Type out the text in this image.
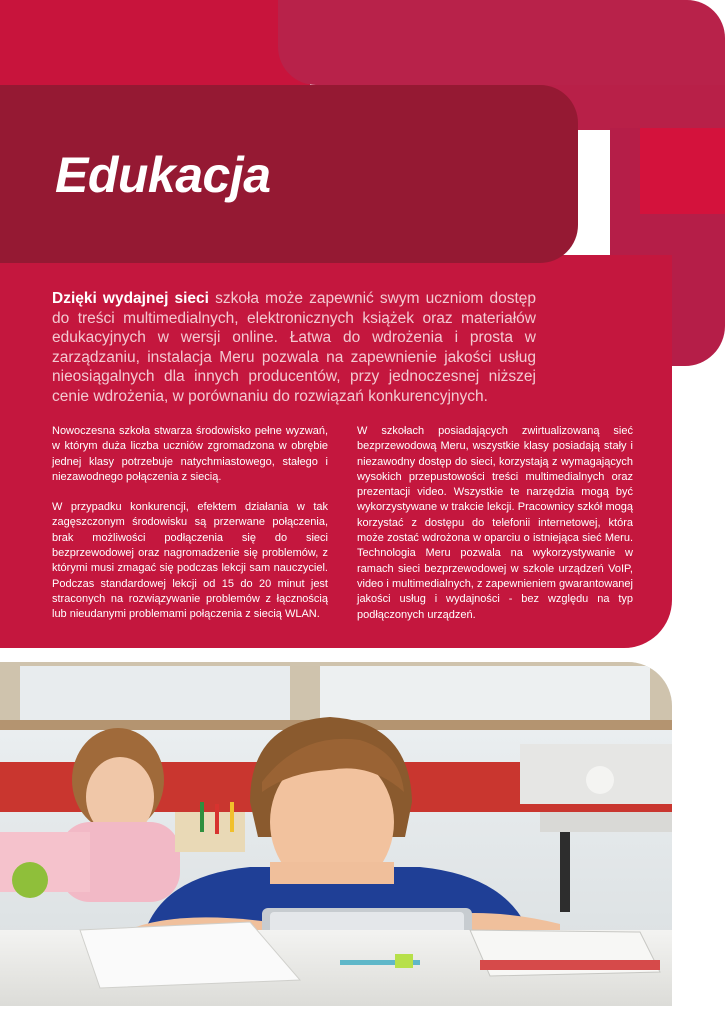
Edukacja

Dzięki wydajnej sieci szkoła może zapewnić swym uczniom dostęp do treści multimedialnych, elektronicznych książek oraz materiałów edukacyjnych w wersji online. Łatwa do wdrożenia i prosta w zarządzaniu, instalacja Meru pozwala na zapewnienie jakości usług nieosiągalnych dla innych producentów, przy jednoczesnej niższej cenie wdrożenia, w porównaniu do rozwiązań konkurencyjnych.

Nowoczesna szkoła stwarza środowisko pełne wyzwań, w którym duża liczba uczniów zgromadzona w obrębie jednej klasy potrzebuje natychmiastowego, stałego i niezawodnego połączenia z siecią.

W przypadku konkurencji, efektem działania w tak zagęszczonym środowisku są przerwane połączenia, brak możliwości podłączenia się do sieci bezprzewodowej oraz nagromadzenie się problemów, z którymi musi zmagać się podczas lekcji sam nauczyciel. Podczas standardowej lekcji od 15 do 20 minut jest straconych na rozwiązywanie problemów z łącznością lub nieudanymi problemami połączenia z siecią WLAN.

W szkołach posiadających zwirtualizowaną sieć bezprzewodową Meru, wszystkie klasy posiadają stały i niezawodny dostęp do sieci, korzystają z wymagających wysokich przepustowości treści multimedialnych oraz prezentacji video. Wszystkie te narzędzia mogą być wykorzystywane w trakcie lekcji. Pracownicy szkół mogą korzystać z dostępu do telefonii internetowej, która może zostać wdrożona w oparciu o istniejąca sieć Meru. Technologia Meru pozwala na wykorzystywanie w ramach sieci bezprzewodowej w szkole urządzeń VoIP, video i multimedialnych, z zapewnieniem gwarantowanej jakości usług i wydajności - bez względu na typ podłączonych urządzeń.
